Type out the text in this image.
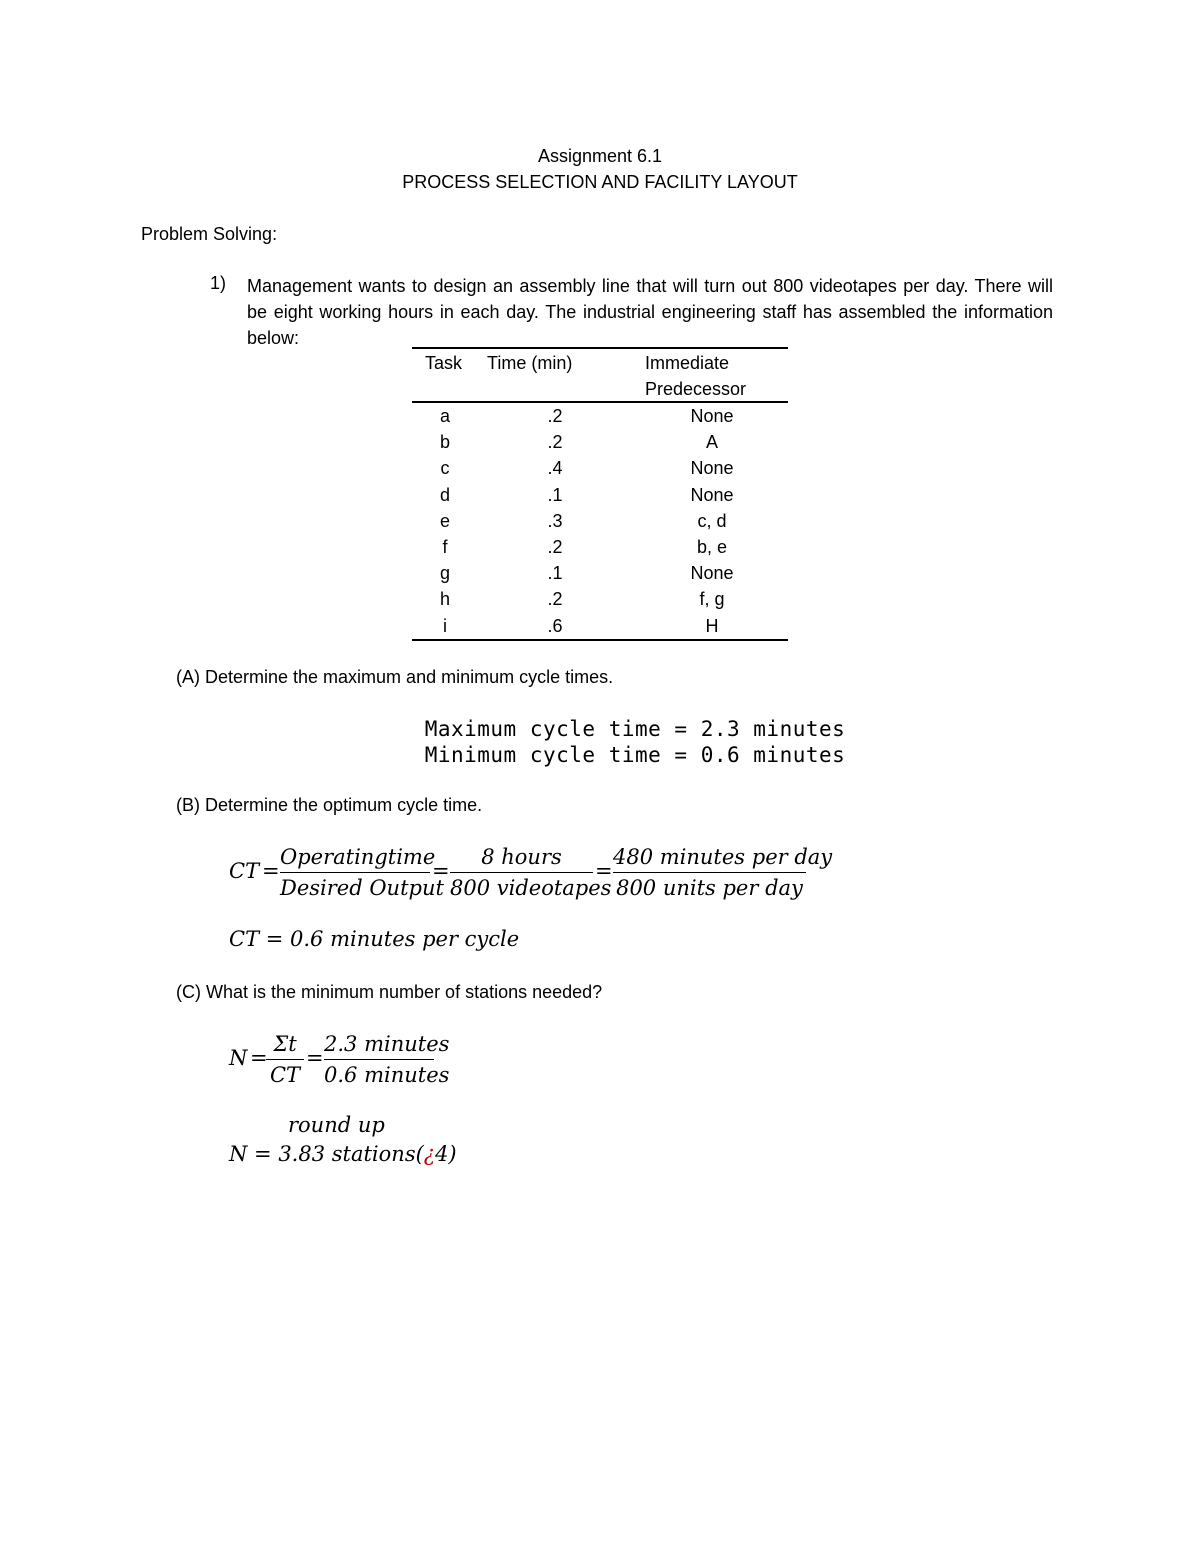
Assignment 6.1
PROCESS SELECTION AND FACILITY LAYOUT
Problem Solving:
1) Management wants to design an assembly line that will turn out 800 videotapes per day. There will be eight working hours in each day. The industrial engineering staff has assembled the information below:
Task Time (min)	Immediate
Predecessor
a	.2	None
b	.2	A
c	.4	None
d	.1	None
e	.3	c, d
f	.2	b, e
g	.1	None
h	.2	f, g
i	.6	H
(A) Determine the maximum and minimum cycle times.
Maximum cycle time = 2.3 minutes
Minimum cycle time = 0.6 minutes
(B) Determine the optimum cycle time.
CT =
Operatingtime
Desired Output
=
8 hours
800 videotapes
=
480 minutes per day
800 units per day
CT = 0.6 minutes per cycle
(C) What is the minimum number of stations needed?
N =
Σt
CT
=
2.3 minutes
0.6 minutes
round up
N = 3.83 stations(¿4)
